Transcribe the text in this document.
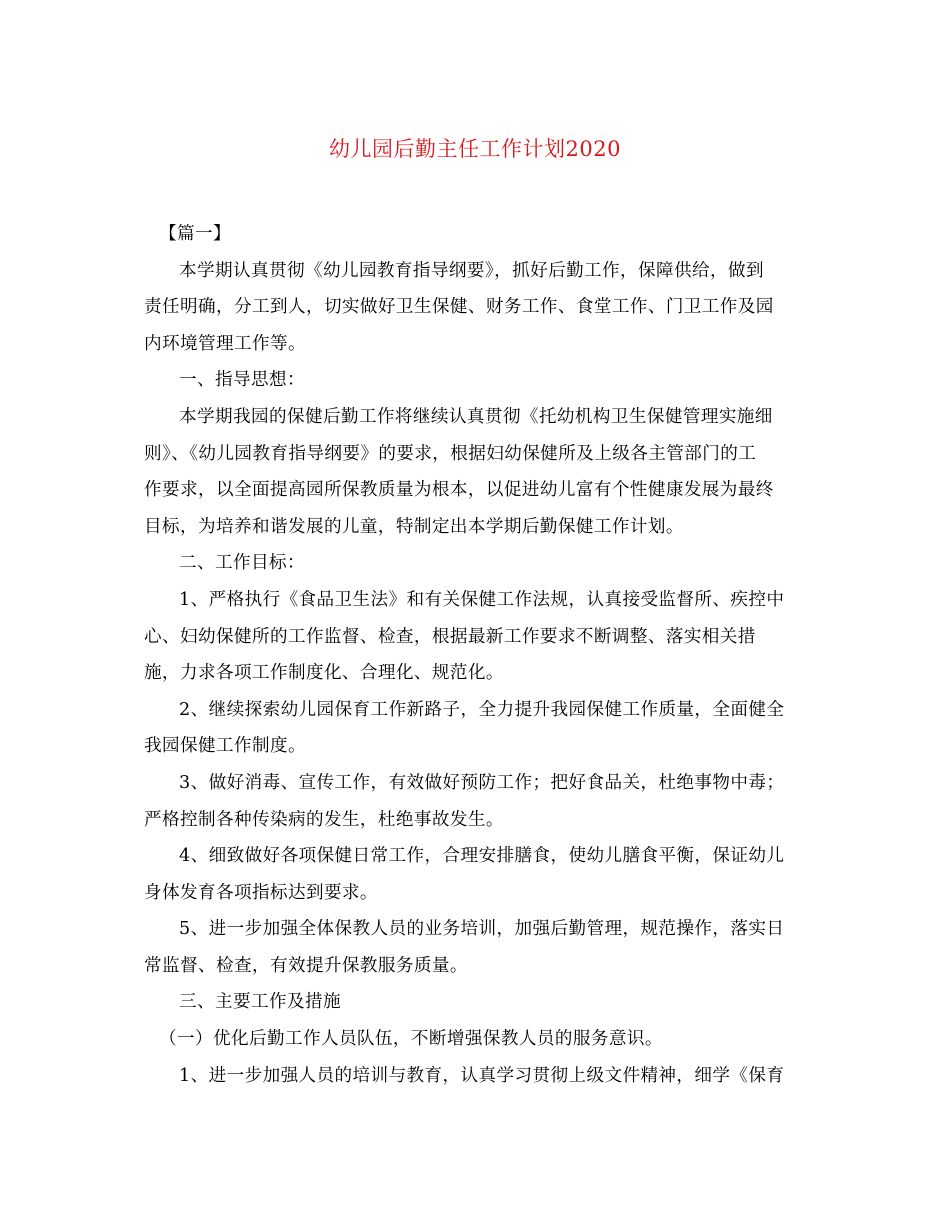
幼儿园后勤主任工作计划2020
【篇一】
本学期认真贯彻《幼儿园教育指导纲要》，抓好后勤工作，保障供给，做到
责任明确，分工到人，切实做好卫生保健、财务工作、食堂工作、门卫工作及园
内环境管理工作等。
一、指导思想：
本学期我园的保健后勤工作将继续认真贯彻《托幼机构卫生保健管理实施细
则》、《幼儿园教育指导纲要》的要求，根据妇幼保健所及上级各主管部门的工
作要求，以全面提高园所保教质量为根本，以促进幼儿富有个性健康发展为最终
目标，为培养和谐发展的儿童，特制定出本学期后勤保健工作计划。
二、工作目标：
1、严格执行《食品卫生法》和有关保健工作法规，认真接受监督所、疾控中
心、妇幼保健所的工作监督、检查，根据最新工作要求不断调整、落实相关措
施，力求各项工作制度化、合理化、规范化。
2、继续探索幼儿园保育工作新路子，全力提升我园保健工作质量，全面健全
我园保健工作制度。
3、做好消毒、宣传工作，有效做好预防工作；把好食品关，杜绝事物中毒；
严格控制各种传染病的发生，杜绝事故发生。
4、细致做好各项保健日常工作，合理安排膳食，使幼儿膳食平衡，保证幼儿
身体发育各项指标达到要求。
5、进一步加强全体保教人员的业务培训，加强后勤管理，规范操作，落实日
常监督、检查，有效提升保教服务质量。
三、主要工作及措施
（一）优化后勤工作人员队伍，不断增强保教人员的服务意识。
1、进一步加强人员的培训与教育，认真学习贯彻上级文件精神，细学《保育
